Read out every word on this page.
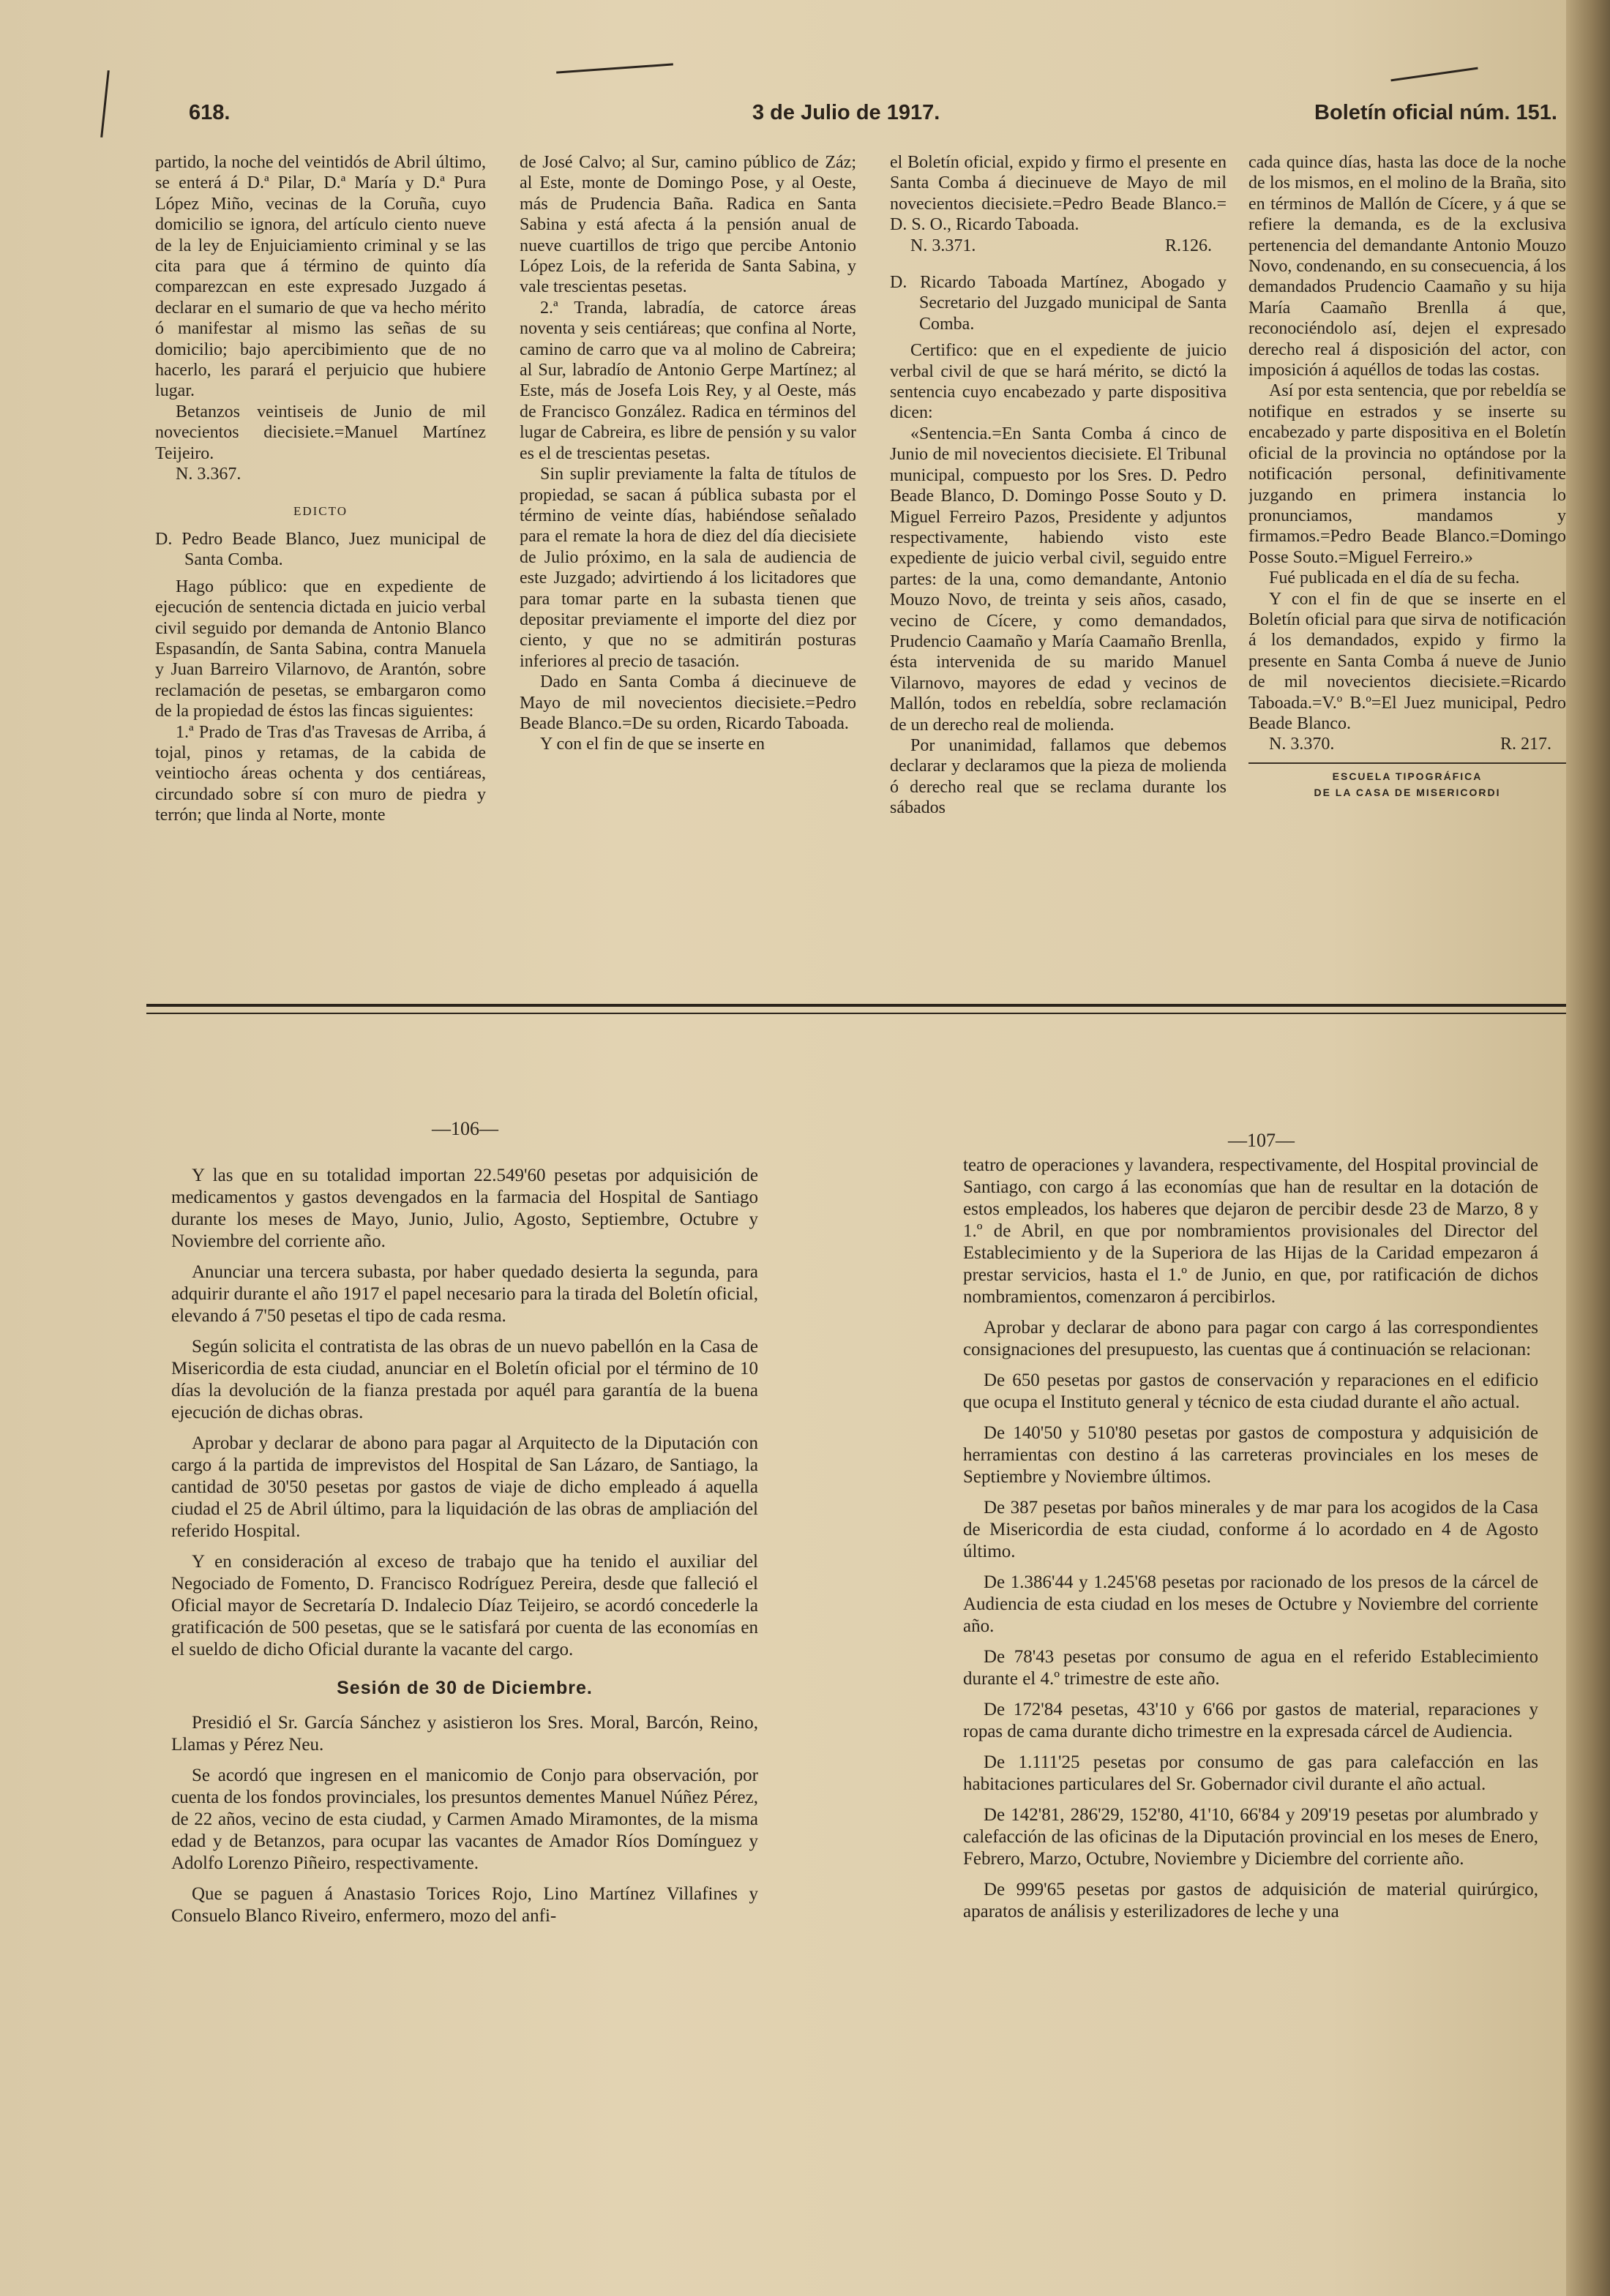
618.	3 de Julio de 1917.	Boletín oficial núm. 151.

partido, la noche del veintidós de Abril último, se enterá á D.ª Pilar, D.ª María y D.ª Pura López Miño, vecinas de la Coruña, cuyo domicilio se ignora, del artículo ciento nueve de la ley de Enjuiciamiento criminal y se las cita para que á término de quinto día comparezcan en este expresado Juzgado á declarar en el sumario de que va hecho mérito ó manifestar al mismo las señas de su domicilio; bajo apercibimiento que de no hacerlo, les parará el perjuicio que hubiere lugar.

Betanzos veintiseis de Junio de mil novecientos diecisiete.=Manuel Martínez Teijeiro.

N. 3.367.
EDICTO

D. Pedro Beade Blanco, Juez municipal de Santa Comba.

Hago público: que en expediente de ejecución de sentencia dictada en juicio verbal civil seguido por demanda de Antonio Blanco Espasandín, de Santa Sabina, contra Manuela y Juan Barreiro Vilarnovo, de Arantón, sobre reclamación de pesetas, se embargaron como de la propiedad de éstos las fincas siguientes:

1.ª Prado de Tras d'as Travesas de Arriba, á tojal, pinos y retamas, de la cabida de veintiocho áreas ochenta y dos centiáreas, circundado sobre sí con muro de piedra y terrón; que linda al Norte, monte

de José Calvo; al Sur, camino público de Záz; al Este, monte de Domingo Pose, y al Oeste, más de Prudencia Baña. Radica en Santa Sabina y está afecta á la pensión anual de nueve cuartillos de trigo que percibe Antonio López Lois, de la referida de Santa Sabina, y vale trescientas pesetas.

2.ª Tranda, labradía, de catorce áreas noventa y seis centiáreas; que confina al Norte, camino de carro que va al molino de Cabreira; al Sur, labradío de Antonio Gerpe Martínez; al Este, más de Josefa Lois Rey, y al Oeste, más de Francisco González. Radica en términos del lugar de Cabreira, es libre de pensión y su valor es el de trescientas pesetas.

Sin suplir previamente la falta de títulos de propiedad, se sacan á pública subasta por el término de veinte días, habiéndose señalado para el remate la hora de diez del día diecisiete de Julio próximo, en la sala de audiencia de este Juzgado; advirtiendo á los licitadores que para tomar parte en la subasta tienen que depositar previamente el importe del diez por ciento, y que no se admitirán posturas inferiores al precio de tasación.

Dado en Santa Comba á diecinueve de Mayo de mil novecientos diecisiete.=Pedro Beade Blanco.=De su orden, Ricardo Taboada.

Y con el fin de que se inserte en

el Boletín oficial, expido y firmo el presente en Santa Comba á diecinueve de Mayo de mil novecientos diecisiete.=Pedro Beade Blanco.= D. S. O., Ricardo Taboada.

N. 3.371.	R.126.

D. Ricardo Taboada Martínez, Abogado y Secretario del Juzgado municipal de Santa Comba.

Certifico: que en el expediente de juicio verbal civil de que se hará mérito, se dictó la sentencia cuyo encabezado y parte dispositiva dicen:

«Sentencia.=En Santa Comba á cinco de Junio de mil novecientos diecisiete. El Tribunal municipal, compuesto por los Sres. D. Pedro Beade Blanco, D. Domingo Posse Souto y D. Miguel Ferreiro Pazos, Presidente y adjuntos respectivamente, habiendo visto este expediente de juicio verbal civil, seguido entre partes: de la una, como demandante, Antonio Mouzo Novo, de treinta y seis años, casado, vecino de Cícere, y como demandados, Prudencio Caamaño y María Caamaño Brenlla, ésta intervenida de su marido Manuel Vilarnovo, mayores de edad y vecinos de Mallón, todos en rebeldía, sobre reclamación de un derecho real de molienda.

Por unanimidad, fallamos que debemos declarar y declaramos que la pieza de molienda ó derecho real que se reclama durante los sábados

cada quince días, hasta las doce de la noche de los mismos, en el molino de la Braña, sito en términos de Mallón de Cícere, y á que se refiere la demanda, es de la exclusiva pertenencia del demandante Antonio Mouzo Novo, condenando, en su consecuencia, á los demandados Prudencio Caamaño y su hija María Caamaño Brenlla á que, reconociéndolo así, dejen el expresado derecho real á disposición del actor, con imposición á aquéllos de todas las costas.

Así por esta sentencia, que por rebeldía se notifique en estrados y se inserte su encabezado y parte dispositiva en el Boletín oficial de la provincia no optándose por la notificación personal, definitivamente juzgando en primera instancia lo pronunciamos, mandamos y firmamos.=Pedro Beade Blanco.=Domingo Posse Souto.=Miguel Ferreiro.»

Fué publicada en el día de su fecha.

Y con el fin de que se inserte en el Boletín oficial para que sirva de notificación á los demandados, expido y firmo la presente en Santa Comba á nueve de Junio de mil novecientos diecisiete.=Ricardo Taboada.=V.º B.º=El Juez municipal, Pedro Beade Blanco.

N. 3.370.	R. 217.
ESCUELA TIPOGRÁFICA
DE LA CASA DE MISERICORDI
—106—

Y las que en su totalidad importan 22.549'60 pesetas por adquisición de medicamentos y gastos devengados en la farmacia del Hospital de Santiago durante los meses de Mayo, Junio, Julio, Agosto, Septiembre, Octubre y Noviembre del corriente año.

Anunciar una tercera subasta, por haber quedado desierta la segunda, para adquirir durante el año 1917 el papel necesario para la tirada del Boletín oficial, elevando á 7'50 pesetas el tipo de cada resma.

Según solicita el contratista de las obras de un nuevo pabellón en la Casa de Misericordia de esta ciudad, anunciar en el Boletín oficial por el término de 10 días la devolución de la fianza prestada por aquél para garantía de la buena ejecución de dichas obras.

Aprobar y declarar de abono para pagar al Arquitecto de la Diputación con cargo á la partida de imprevistos del Hospital de San Lázaro, de Santiago, la cantidad de 30'50 pesetas por gastos de viaje de dicho empleado á aquella ciudad el 25 de Abril último, para la liquidación de las obras de ampliación del referido Hospital.

Y en consideración al exceso de trabajo que ha tenido el auxiliar del Negociado de Fomento, D. Francisco Rodríguez Pereira, desde que falleció el Oficial mayor de Secretaría D. Indalecio Díaz Teijeiro, se acordó concederle la gratificación de 500 pesetas, que se le satisfará por cuenta de las economías en el sueldo de dicho Oficial durante la vacante del cargo.

Sesión de 30 de Diciembre.

Presidió el Sr. García Sánchez y asistieron los Sres. Moral, Barcón, Reino, Llamas y Pérez Neu.

Se acordó que ingresen en el manicomio de Conjo para observación, por cuenta de los fondos provinciales, los presuntos dementes Manuel Núñez Pérez, de 22 años, vecino de esta ciudad, y Carmen Amado Miramontes, de la misma edad y de Betanzos, para ocupar las vacantes de Amador Ríos Domínguez y Adolfo Lorenzo Piñeiro, respectivamente.

Que se paguen á Anastasio Torices Rojo, Lino Martínez Villafines y Consuelo Blanco Riveiro, enfermero, mozo del anfi-

—107—

teatro de operaciones y lavandera, respectivamente, del Hospital provincial de Santiago, con cargo á las economías que han de resultar en la dotación de estos empleados, los haberes que dejaron de percibir desde 23 de Marzo, 8 y 1.º de Abril, en que por nombramientos provisionales del Director del Establecimiento y de la Superiora de las Hijas de la Caridad empezaron á prestar servicios, hasta el 1.º de Junio, en que, por ratificación de dichos nombramientos, comenzaron á percibirlos.

Aprobar y declarar de abono para pagar con cargo á las correspondientes consignaciones del presupuesto, las cuentas que á continuación se relacionan:

De 650 pesetas por gastos de conservación y reparaciones en el edificio que ocupa el Instituto general y técnico de esta ciudad durante el año actual.

De 140'50 y 510'80 pesetas por gastos de compostura y adquisición de herramientas con destino á las carreteras provinciales en los meses de Septiembre y Noviembre últimos.

De 387 pesetas por baños minerales y de mar para los acogidos de la Casa de Misericordia de esta ciudad, conforme á lo acordado en 4 de Agosto último.

De 1.386'44 y 1.245'68 pesetas por racionado de los presos de la cárcel de Audiencia de esta ciudad en los meses de Octubre y Noviembre del corriente año.

De 78'43 pesetas por consumo de agua en el referido Establecimiento durante el 4.º trimestre de este año.

De 172'84 pesetas, 43'10 y 6'66 por gastos de material, reparaciones y ropas de cama durante dicho trimestre en la expresada cárcel de Audiencia.

De 1.111'25 pesetas por consumo de gas para calefacción en las habitaciones particulares del Sr. Gobernador civil durante el año actual.

De 142'81, 286'29, 152'80, 41'10, 66'84 y 209'19 pesetas por alumbrado y calefacción de las oficinas de la Diputación provincial en los meses de Enero, Febrero, Marzo, Octubre, Noviembre y Diciembre del corriente año.

De 999'65 pesetas por gastos de adquisición de material quirúrgico, aparatos de análisis y esterilizadores de leche y una
